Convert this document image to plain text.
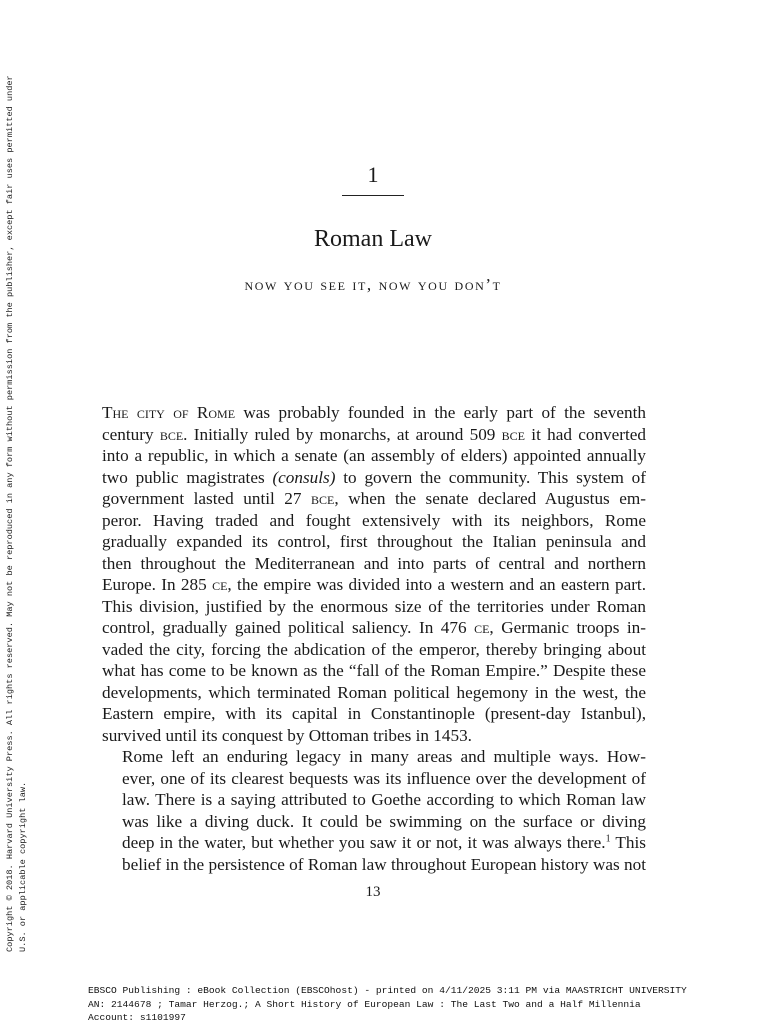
Copyright © 2018. Harvard University Press. All rights reserved. May not be reproduced in any form without permission from the publisher, except fair uses permitted under U.S. or applicable copyright law.
1
Roman Law
now you see it, now you don’t

The city of Rome was probably founded in the early part of the seventh
century bce. Initially ruled by monarchs, at around 509 bce it had converted
into a republic, in which a senate (an assembly of elders) appointed annually
two public magistrates (consuls) to govern the community. This system of
government lasted until 27 bce, when the senate declared Augustus em-
peror. Having traded and fought extensively with its neighbors, Rome
gradually expanded its control, first throughout the Italian peninsula and
then throughout the Mediterranean and into parts of central and northern
Europe. In 285 ce, the empire was divided into a western and an eastern part.
This division, justified by the enormous size of the territories under Roman
control, gradually gained political saliency. In 476 ce, Germanic troops in-
vaded the city, forcing the abdication of the emperor, thereby bringing about
what has come to be known as the “fall of the Roman Empire.” Despite these
developments, which terminated Roman political hegemony in the west, the
Eastern empire, with its capital in Constantinople (present-day Istanbul),
survived until its conquest by Ottoman tribes in 1453.

Rome left an enduring legacy in many areas and multiple ways. How-
ever, one of its clearest bequests was its influence over the development of
law. There is a saying attributed to Goethe according to which Roman law
was like a diving duck. It could be swimming on the surface or diving
deep in the water, but whether you saw it or not, it was always there.$^1$ This
belief in the persistence of Roman law throughout European history was not

13
EBSCO Publishing : eBook Collection (EBSCOhost) - printed on 4/11/2025 3:11 PM via MAASTRICHT UNIVERSITY
AN: 2144678 ; Tamar Herzog.; A Short History of European Law : The Last Two and a Half Millennia
Account: s1101997
